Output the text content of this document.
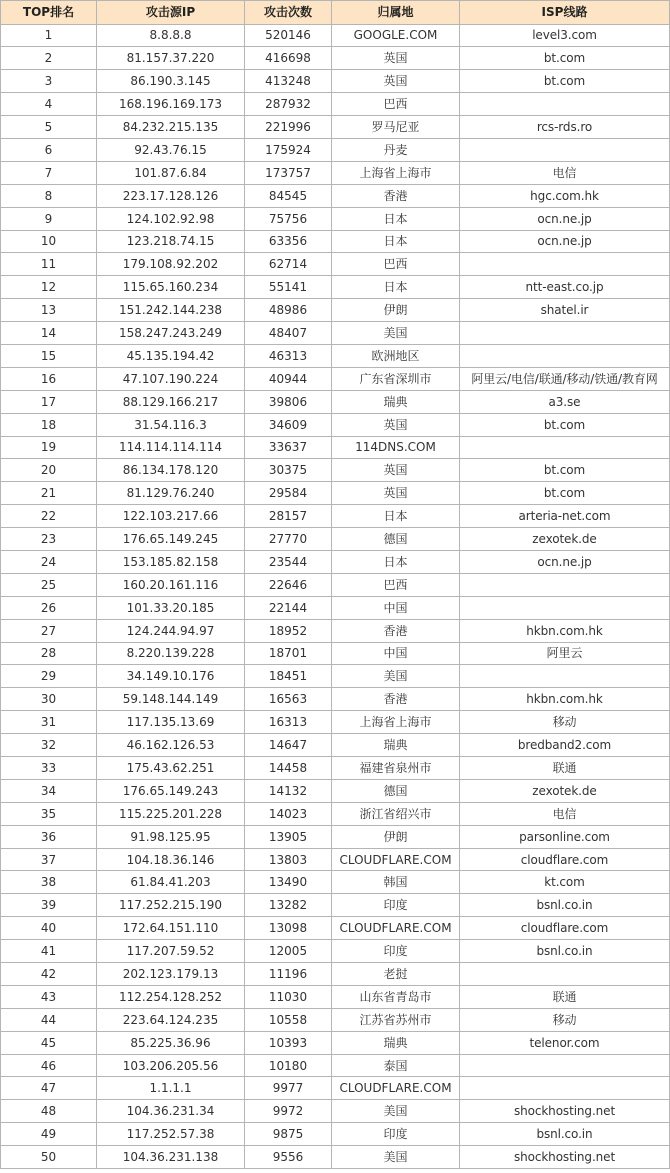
TOP排名	攻击源IP	攻击次数	归属地	ISP线路
1	8.8.8.8	520146	GOOGLE.COM	level3.com
2	81.157.37.220	416698	英国	bt.com
3	86.190.3.145	413248	英国	bt.com
4	168.196.169.173	287932	巴西	
5	84.232.215.135	221996	罗马尼亚	rcs-rds.ro
6	92.43.76.15	175924	丹麦	
7	101.87.6.84	173757	上海省上海市	电信
8	223.17.128.126	84545	香港	hgc.com.hk
9	124.102.92.98	75756	日本	ocn.ne.jp
10	123.218.74.15	63356	日本	ocn.ne.jp
11	179.108.92.202	62714	巴西	
12	115.65.160.234	55141	日本	ntt-east.co.jp
13	151.242.144.238	48986	伊朗	shatel.ir
14	158.247.243.249	48407	美国	
15	45.135.194.42	46313	欧洲地区	
16	47.107.190.224	40944	广东省深圳市	阿里云/电信/联通/移动/铁通/教育网
17	88.129.166.217	39806	瑞典	a3.se
18	31.54.116.3	34609	英国	bt.com
19	114.114.114.114	33637	114DNS.COM	
20	86.134.178.120	30375	英国	bt.com
21	81.129.76.240	29584	英国	bt.com
22	122.103.217.66	28157	日本	arteria-net.com
23	176.65.149.245	27770	德国	zexotek.de
24	153.185.82.158	23544	日本	ocn.ne.jp
25	160.20.161.116	22646	巴西	
26	101.33.20.185	22144	中国	
27	124.244.94.97	18952	香港	hkbn.com.hk
28	8.220.139.228	18701	中国	阿里云
29	34.149.10.176	18451	美国	
30	59.148.144.149	16563	香港	hkbn.com.hk
31	117.135.13.69	16313	上海省上海市	移动
32	46.162.126.53	14647	瑞典	bredband2.com
33	175.43.62.251	14458	福建省泉州市	联通
34	176.65.149.243	14132	德国	zexotek.de
35	115.225.201.228	14023	浙江省绍兴市	电信
36	91.98.125.95	13905	伊朗	parsonline.com
37	104.18.36.146	13803	CLOUDFLARE.COM	cloudflare.com
38	61.84.41.203	13490	韩国	kt.com
39	117.252.215.190	13282	印度	bsnl.co.in
40	172.64.151.110	13098	CLOUDFLARE.COM	cloudflare.com
41	117.207.59.52	12005	印度	bsnl.co.in
42	202.123.179.13	11196	老挝	
43	112.254.128.252	11030	山东省青岛市	联通
44	223.64.124.235	10558	江苏省苏州市	移动
45	85.225.36.96	10393	瑞典	telenor.com
46	103.206.205.56	10180	泰国	
47	1.1.1.1	9977	CLOUDFLARE.COM	
48	104.36.231.34	9972	美国	shockhosting.net
49	117.252.57.38	9875	印度	bsnl.co.in
50	104.36.231.138	9556	美国	shockhosting.net
